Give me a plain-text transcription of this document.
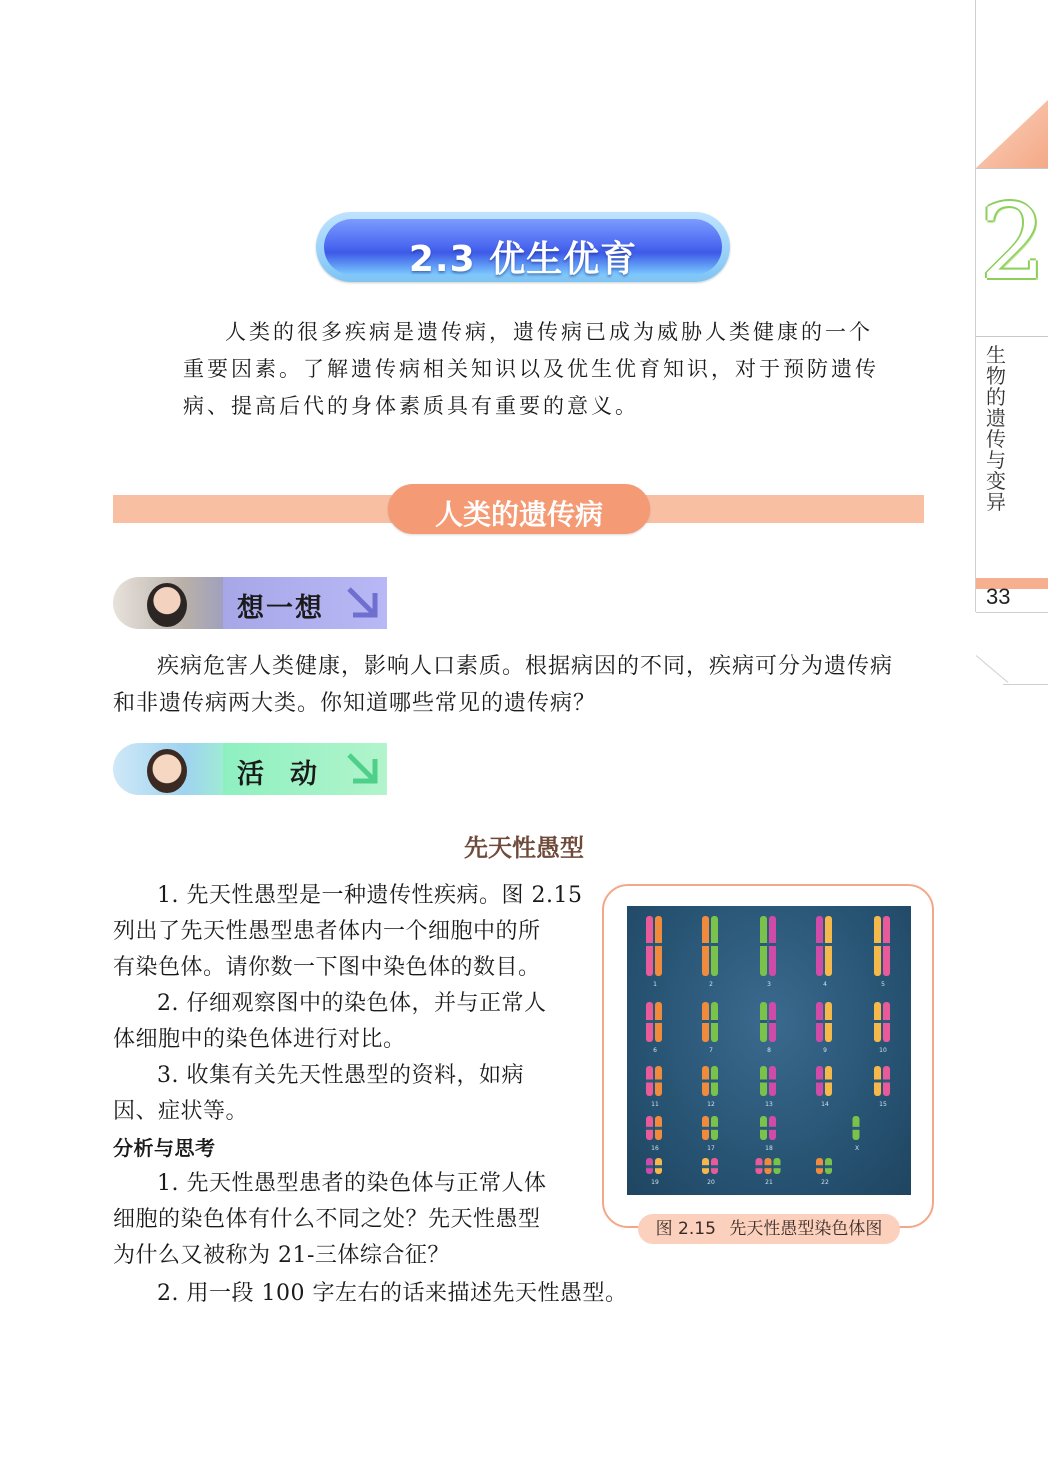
2
生物的遗传与变异
33
2.3 优生优育

人类的很多疾病是遗传病，遗传病已成为威胁人类健康的一个

重要因素。了解遗传病相关知识以及优生优育知识，对于预防遗传

病、提高后代的身体素质具有重要的意义。

人类的遗传病
想一想

疾病危害人类健康，影响人口素质。根据病因的不同，疾病可分为遗传病

和非遗传病两大类。你知道哪些常见的遗传病？

活动
先天性愚型

1. 先天性愚型是一种遗传性疾病。图 2.15

列出了先天性愚型患者体内一个细胞中的所

有染色体。请你数一下图中染色体的数目。

2. 仔细观察图中的染色体，并与正常人

体细胞中的染色体进行对比。

3. 收集有关先天性愚型的资料，如病

因、症状等。

分析与思考

1. 先天性愚型患者的染色体与正常人体

细胞的染色体有什么不同之处？先天性愚型

为什么又被称为 21-三体综合征？

2. 用一段 100 字左右的话来描述先天性愚型。

1	2	3	4	5
6	7	8	9	10
11	12	13	14	15
16	17	18	X
19	20	21	22
图 2.15 先天性愚型染色体图
